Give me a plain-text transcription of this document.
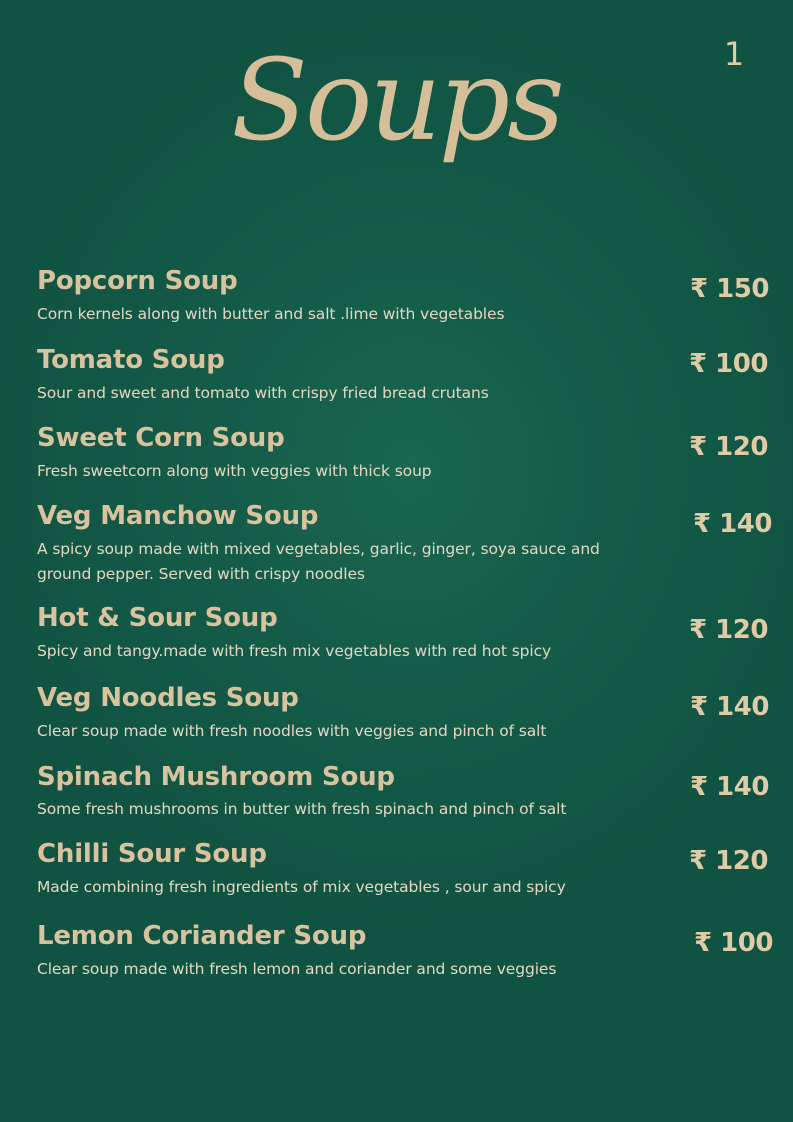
1
Soups
Popcorn Soup
Corn kernels along with butter and salt .lime with vegetables
₹ 150
Tomato Soup
Sour and sweet and tomato with crispy fried bread crutans
₹ 100
Sweet Corn Soup
Fresh sweetcorn along with veggies with thick soup
₹ 120
Veg Manchow Soup
A spicy soup made with mixed vegetables, garlic, ginger, soya sauce and ground pepper. Served with crispy noodles
₹ 140
Hot & Sour Soup
Spicy and tangy.made with fresh mix vegetables with red hot spicy
₹ 120
Veg Noodles Soup
Clear soup made with fresh noodles with veggies and pinch of salt
₹ 140
Spinach Mushroom Soup
Some fresh mushrooms in butter with fresh spinach and pinch of salt
₹ 140
Chilli Sour Soup
Made combining fresh ingredients of mix vegetables , sour and spicy
₹ 120
Lemon Coriander Soup
Clear soup made with fresh lemon and coriander and some veggies
₹ 100
